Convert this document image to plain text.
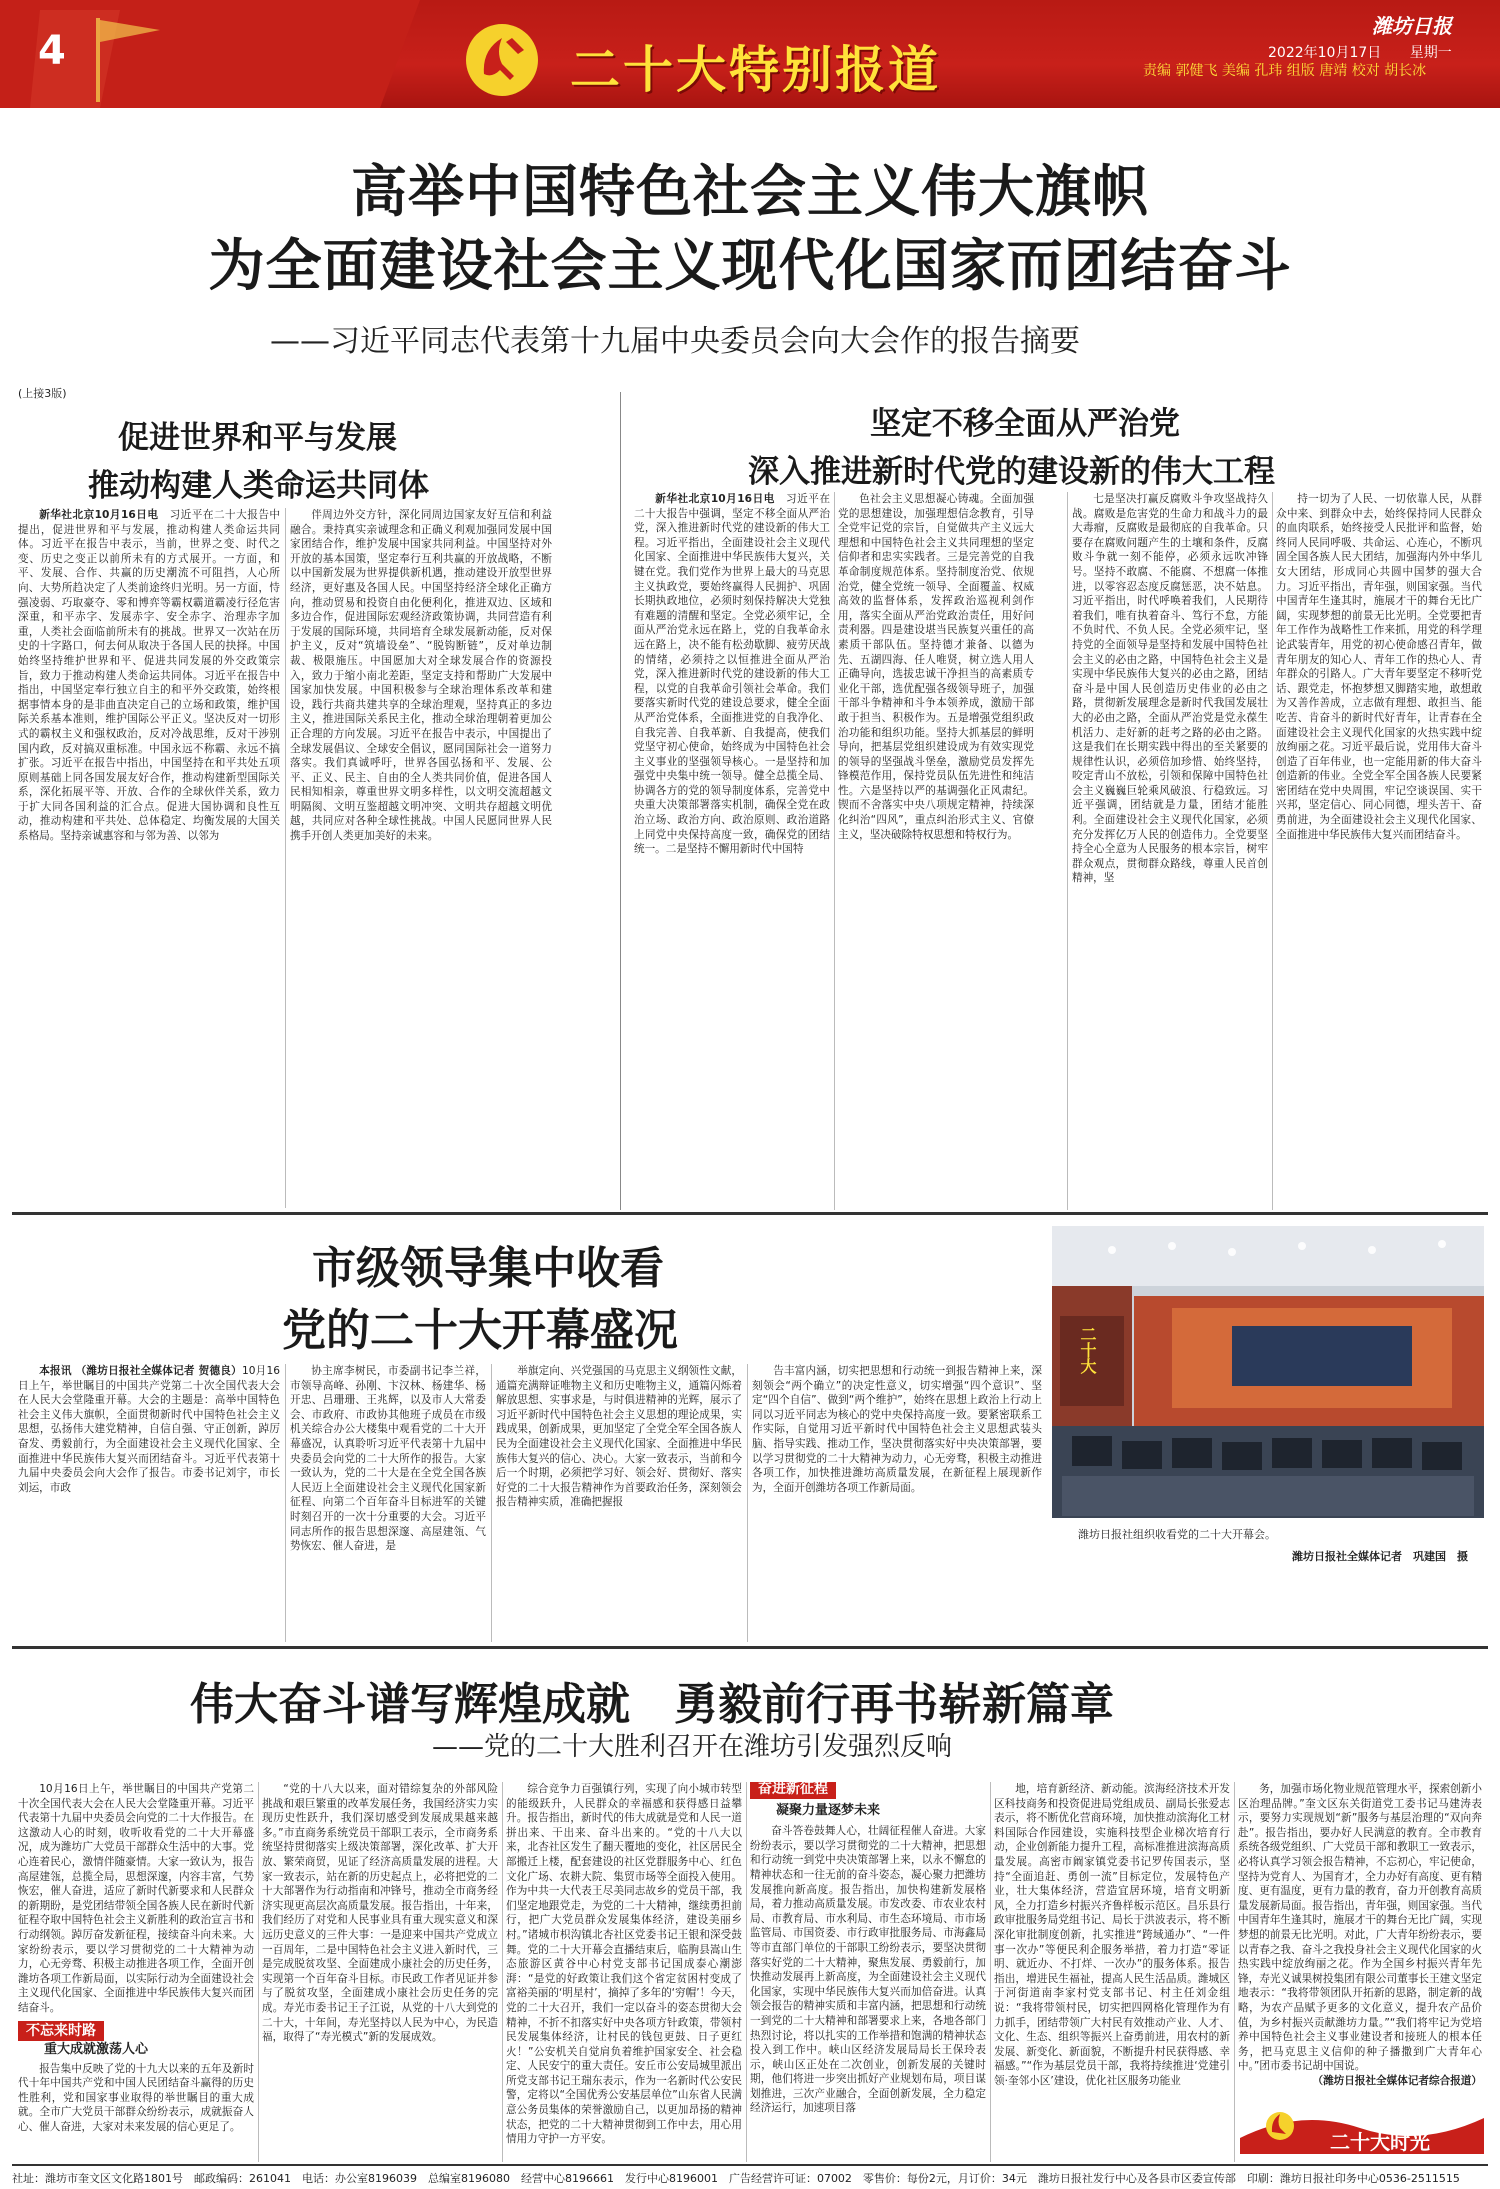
4	二十大特别报道
潍坊日报
2022年10月17日 星期一
责编 郭健飞 美编 孔玮 组版 唐靖 校对 胡长冰
高举中国特色社会主义伟大旗帜
为全面建设社会主义现代化国家而团结奋斗
——习近平同志代表第十九届中央委员会向大会作的报告摘要
(上接3版)
促进世界和平与发展
推动构建人类命运共同体

新华社北京10月16日电　 习近平在二十大报告中提出，促进世界和平与发展，推动构建人类命运共同体。习近平在报告中表示，当前，世界之变、时代之变、历史之变正以前所未有的方式展开。一方面，和平、发展、合作、共赢的历史潮流不可阻挡，人心所向、大势所趋决定了人类前途终归光明。另一方面，恃强凌弱、巧取豪夺、零和博弈等霸权霸道霸凌行径危害深重，和平赤字、发展赤字、安全赤字、治理赤字加重，人类社会面临前所未有的挑战。世界又一次站在历史的十字路口，何去何从取决于各国人民的抉择。中国始终坚持维护世界和平、促进共同发展的外交政策宗旨，致力于推动构建人类命运共同体。习近平在报告中指出，中国坚定奉行独立自主的和平外交政策，始终根据事情本身的是非曲直决定自己的立场和政策，维护国际关系基本准则，维护国际公平正义。坚决反对一切形式的霸权主义和强权政治，反对冷战思维，反对干涉别国内政，反对搞双重标准。中国永远不称霸、永远不搞扩张。习近平在报告中指出，中国坚持在和平共处五项原则基础上同各国发展友好合作，推动构建新型国际关系，深化拓展平等、开放、合作的全球伙伴关系，致力于扩大同各国利益的汇合点。促进大国协调和良性互动，推动构建和平共处、总体稳定、均衡发展的大国关系格局。坚持亲诚惠容和与邻为善、以邻为

伴周边外交方针，深化同周边国家友好互信和利益融合。秉持真实亲诚理念和正确义利观加强同发展中国家团结合作，维护发展中国家共同利益。中国坚持对外开放的基本国策，坚定奉行互利共赢的开放战略，不断以中国新发展为世界提供新机遇，推动建设开放型世界经济，更好惠及各国人民。中国坚持经济全球化正确方向，推动贸易和投资自由化便利化，推进双边、区域和多边合作，促进国际宏观经济政策协调，共同营造有利于发展的国际环境，共同培育全球发展新动能，反对保护主义，反对“筑墙设垒”、“脱钩断链”，反对单边制裁、极限施压。中国愿加大对全球发展合作的资源投入，致力于缩小南北差距，坚定支持和帮助广大发展中国家加快发展。中国积极参与全球治理体系改革和建设，践行共商共建共享的全球治理观，坚持真正的多边主义，推进国际关系民主化，推动全球治理朝着更加公正合理的方向发展。习近平在报告中表示，中国提出了全球发展倡议、全球安全倡议，愿同国际社会一道努力落实。我们真诚呼吁，世界各国弘扬和平、发展、公平、正义、民主、自由的全人类共同价值，促进各国人民相知相亲，尊重世界文明多样性，以文明交流超越文明隔阂、文明互鉴超越文明冲突、文明共存超越文明优越，共同应对各种全球性挑战。中国人民愿同世界人民携手开创人类更加美好的未来。

坚定不移全面从严治党
深入推进新时代党的建设新的伟大工程

新华社北京10月16日电　 习近平在二十大报告中强调，坚定不移全面从严治党，深入推进新时代党的建设新的伟大工程。习近平指出，全面建设社会主义现代化国家、全面推进中华民族伟大复兴，关键在党。我们党作为世界上最大的马克思主义执政党，要始终赢得人民拥护、巩固长期执政地位，必须时刻保持解决大党独有难题的清醒和坚定。全党必须牢记，全面从严治党永远在路上，党的自我革命永远在路上，决不能有松劲歇脚、疲劳厌战的情绪，必须持之以恒推进全面从严治党，深入推进新时代党的建设新的伟大工程，以党的自我革命引领社会革命。我们要落实新时代党的建设总要求，健全全面从严治党体系，全面推进党的自我净化、自我完善、自我革新、自我提高，使我们党坚守初心使命，始终成为中国特色社会主义事业的坚强领导核心。一是坚持和加强党中央集中统一领导。健全总揽全局、协调各方的党的领导制度体系，完善党中央重大决策部署落实机制，确保全党在政治立场、政治方向、政治原则、政治道路上同党中央保持高度一致，确保党的团结统一。二是坚持不懈用新时代中国特

色社会主义思想凝心铸魂。全面加强党的思想建设，加强理想信念教育，引导全党牢记党的宗旨，自觉做共产主义远大理想和中国特色社会主义共同理想的坚定信仰者和忠实实践者。三是完善党的自我革命制度规范体系。坚持制度治党、依规治党，健全党统一领导、全面覆盖、权威高效的监督体系，发挥政治巡视利剑作用，落实全面从严治党政治责任，用好问责利器。四是建设堪当民族复兴重任的高素质干部队伍。坚持德才兼备、以德为先、五湖四海、任人唯贤，树立选人用人正确导向，选拔忠诚干净担当的高素质专业化干部，选优配强各级领导班子，加强干部斗争精神和斗争本领养成，激励干部敢于担当、积极作为。五是增强党组织政治功能和组织功能。坚持大抓基层的鲜明导向，把基层党组织建设成为有效实现党的领导的坚强战斗堡垒，激励党员发挥先锋模范作用，保持党员队伍先进性和纯洁性。六是坚持以严的基调强化正风肃纪。锲而不舍落实中央八项规定精神，持续深化纠治“四风”，重点纠治形式主义、官僚主义，坚决破除特权思想和特权行为。

七是坚决打赢反腐败斗争攻坚战持久战。腐败是危害党的生命力和战斗力的最大毒瘤，反腐败是最彻底的自我革命。只要存在腐败问题产生的土壤和条件，反腐败斗争就一刻不能停，必须永远吹冲锋号。坚持不敢腐、不能腐、不想腐一体推进，以零容忍态度反腐惩恶，决不姑息。习近平指出，时代呼唤着我们，人民期待着我们，唯有执着奋斗、笃行不怠，方能不负时代、不负人民。全党必须牢记，坚持党的全面领导是坚持和发展中国特色社会主义的必由之路，中国特色社会主义是实现中华民族伟大复兴的必由之路，团结奋斗是中国人民创造历史伟业的必由之路，贯彻新发展理念是新时代我国发展壮大的必由之路，全面从严治党是党永葆生机活力、走好新的赶考之路的必由之路。这是我们在长期实践中得出的至关紧要的规律性认识，必须倍加珍惜、始终坚持，咬定青山不放松，引领和保障中国特色社会主义巍巍巨轮乘风破浪、行稳致远。习近平强调，团结就是力量，团结才能胜利。全面建设社会主义现代化国家，必须充分发挥亿万人民的创造伟力。全党要坚持全心全意为人民服务的根本宗旨，树牢群众观点，贯彻群众路线，尊重人民首创精神，坚

持一切为了人民、一切依靠人民，从群众中来、到群众中去，始终保持同人民群众的血肉联系，始终接受人民批评和监督，始终同人民同呼吸、共命运、心连心，不断巩固全国各族人民大团结，加强海内外中华儿女大团结，形成同心共圆中国梦的强大合力。习近平指出，青年强，则国家强。当代中国青年生逢其时，施展才干的舞台无比广阔，实现梦想的前景无比光明。全党要把青年工作作为战略性工作来抓，用党的科学理论武装青年，用党的初心使命感召青年，做青年朋友的知心人、青年工作的热心人、青年群众的引路人。广大青年要坚定不移听党话、跟党走，怀抱梦想又脚踏实地，敢想敢为又善作善成，立志做有理想、敢担当、能吃苦、肯奋斗的新时代好青年，让青春在全面建设社会主义现代化国家的火热实践中绽放绚丽之花。习近平最后说，党用伟大奋斗创造了百年伟业，也一定能用新的伟大奋斗创造新的伟业。全党全军全国各族人民要紧密团结在党中央周围，牢记空谈误国、实干兴邦，坚定信心、同心同德，埋头苦干、奋勇前进，为全面建设社会主义现代化国家、全面推进中华民族伟大复兴而团结奋斗。

市级领导集中收看
党的二十大开幕盛况

本报讯 （潍坊日报社全媒体记者 贺德良）10月16日上午，举世瞩目的中国共产党第二十次全国代表大会在人民大会堂隆重开幕。大会的主题是：高举中国特色社会主义伟大旗帜，全面贯彻新时代中国特色社会主义思想，弘扬伟大建党精神，自信自强、守正创新，踔厉奋发、勇毅前行，为全面建设社会主义现代化国家、全面推进中华民族伟大复兴而团结奋斗。习近平代表第十九届中央委员会向大会作了报告。市委书记刘宇，市长刘运，市政

协主席李树民，市委副书记李兰祥，市领导高峰、孙刚、卞汉林、杨建华、杨开忠、吕珊珊、王兆辉，以及市人大常委会、市政府、市政协其他班子成员在市级机关综合办公大楼集中观看党的二十大开幕盛况，认真聆听习近平代表第十九届中央委员会向党的二十大所作的报告。大家一致认为，党的二十大是在全党全国各族人民迈上全面建设社会主义现代化国家新征程、向第二个百年奋斗目标进军的关键时刻召开的一次十分重要的大会。习近平同志所作的报告思想深邃、高屋建瓴、气势恢宏、催人奋进，是

举旗定向、兴党强国的马克思主义纲领性文献，通篇充满辩证唯物主义和历史唯物主义，通篇闪烁着解放思想、实事求是，与时俱进精神的光辉，展示了习近平新时代中国特色社会主义思想的理论成果，实践成果，创新成果，更加坚定了全党全军全国各族人民为全面建设社会主义现代化国家、全面推进中华民族伟大复兴的信心、决心。大家一致表示，当前和今后一个时期，必须把学习好、领会好、贯彻好、落实好党的二十大报告精神作为首要政治任务，深刻领会报告精神实质，准确把握报

告丰富内涵，切实把思想和行动统一到报告精神上来，深刻领会“两个确立”的决定性意义，切实增强“四个意识”、坚定“四个自信”、做到“两个维护”，始终在思想上政治上行动上同以习近平同志为核心的党中央保持高度一致。要紧密联系工作实际，自觉用习近平新时代中国特色社会主义思想武装头脑、指导实践、推动工作，坚决贯彻落实好中央决策部署，要以学习贯彻党的二十大精神为动力，心无旁骛，积极主动推进各项工作，加快推进潍坊高质量发展，在新征程上展现新作为，全面开创潍坊各项工作新局面。

二十大
潍坊日报社组织收看党的二十大开幕会。
潍坊日报社全媒体记者　巩建国　摄
伟大奋斗谱写辉煌成就　勇毅前行再书崭新篇章
——党的二十大胜利召开在潍坊引发强烈反响

10月16日上午，举世瞩目的中国共产党第二十次全国代表大会在人民大会堂隆重开幕。习近平代表第十九届中央委员会向党的二十大作报告。在这激动人心的时刻，收听收看党的二十大开幕盛况，成为潍坊广大党员干部群众生活中的大事。党心连着民心，激情伴随豪情。大家一致认为，报告高屋建瓴，总揽全局，思想深邃，内容丰富，气势恢宏，催人奋进，适应了新时代新要求和人民群众的新期盼，是党团结带领全国各族人民在新时代新征程夺取中国特色社会主义新胜利的政治宣言书和行动纲领。踔厉奋发新征程，接续奋斗向未来。大家纷纷表示，要以学习贯彻党的二十大精神为动力，心无旁骛、积极主动推进各项工作，全面开创潍坊各项工作新局面，以实际行动为全面建设社会主义现代化国家、全面推进中华民族伟大复兴而团结奋斗。

不忘来时路
重大成就激荡人心

报告集中反映了党的十九大以来的五年及新时代十年中国共产党和中国人民团结奋斗赢得的历史性胜利，党和国家事业取得的举世瞩目的重大成就。全市广大党员干部群众纷纷表示，成就振奋人心、催人奋进，大家对未来发展的信心更足了。

“党的十八大以来，面对错综复杂的外部风险挑战和艰巨繁重的改革发展任务，我国经济实力实现历史性跃升，我们深切感受到发展成果越来越多。”市直商务系统党员干部职工表示，全市商务系统坚持贯彻落实上级决策部署，深化改革、扩大开放、繁荣商贸，见证了经济高质量发展的进程。大家一致表示，站在新的历史起点上，必将把党的二十大部署作为行动指南和冲锋号，推动全市商务经济实现更高层次高质量发展。报告指出，十年来，我们经历了对党和人民事业具有重大现实意义和深远历史意义的三件大事：一是迎来中国共产党成立一百周年，二是中国特色社会主义进入新时代，三是完成脱贫攻坚、全面建成小康社会的历史任务，实现第一个百年奋斗目标。市民政工作者见证并参与了脱贫攻坚，全面建成小康社会历史任务的完成。寿光市委书记王子江说，从党的十八大到党的二十大，十年间，寿光坚持以人民为中心，为民造福，取得了“寿光模式”新的发展成效。

综合竞争力百强镇行列，实现了向小城市转型的能级跃升，人民群众的幸福感和获得感日益攀升。报告指出，新时代的伟大成就是党和人民一道拼出来、干出来、奋斗出来的。“党的十八大以来，北杏社区发生了翻天覆地的变化，社区居民全部搬迁上楼，配套建设的社区党群服务中心、红色文化广场、农耕大院、集贸市场等全面投入使用。作为中共一大代表王尽美同志故乡的党员干部，我们坚定地跟党走，为党的二十大精神，继续勇担前行，把广大党员群众发展集体经济，建设美丽乡村。”诸城市枳沟镇北杏社区党委书记王银和深受鼓舞。党的二十大开幕会直播结束后，临朐县嵩山生态旅游区黄谷中心村党支部书记国成泰心潮澎湃：“是党的好政策让我们这个省定贫困村变成了富裕美丽的‘明星村’，摘掉了多年的‘穷帽’！今天，党的二十大召开，我们一定以奋斗的姿态贯彻大会精神，不折不扣落实好中央各项方针政策，带领村民发展集体经济，让村民的钱包更鼓、日子更红火！”公安机关自觉肩负着维护国家安全、社会稳定、人民安宁的重大责任。安丘市公安局城里派出所党支部书记王瑞东表示，作为一名新时代公安民警，定将以“全国优秀公安基层单位”山东省人民满意公务员集体的荣誉激励自己，以更加昂扬的精神状态，把党的二十大精神贯彻到工作中去，用心用情用力守护一方平安。

奋进新征程
凝聚力量逐梦未来

奋斗答卷鼓舞人心，壮阔征程催人奋进。大家纷纷表示，要以学习贯彻党的二十大精神，把思想和行动统一到党中央决策部署上来，以永不懈怠的精神状态和一往无前的奋斗姿态，凝心聚力把潍坊发展推向新高度。报告指出，加快构建新发展格局，着力推动高质量发展。市发改委、市农业农村局、市教育局、市水利局、市生态环境局、市市场监管局、市国资委、市行政审批服务局、市海鑫局等市直部门单位的干部职工纷纷表示，要坚决贯彻落实好党的二十大精神，聚焦发展、勇毅前行，加快推动发展再上新高度，为全面建设社会主义现代化国家，实现中华民族伟大复兴而加倍奋进。认真领会报告的精神实质和丰富内涵，把思想和行动统一到党的二十大精神和部署要求上来，各地各部门热烈讨论，将以扎实的工作举措和饱满的精神状态投入到工作中。峡山区经济发展局局长王保玲表示，峡山区正处在二次创业，创新发展的关键时期，他们将进一步突出抓好产业规划布局，项目谋划推进，三次产业融合，全面创新发展，全力稳定经济运行，加速项目落

地，培育新经济、新动能。滨海经济技术开发区科技商务和投资促进局党组成员、副局长张爱志表示，将不断优化营商环境，加快推动滨海化工材料国际合作园建设，实施科技型企业梯次培育行动，企业创新能力提升工程，高标准推进滨海高质量发展。高密市阚家镇党委书记罗传国表示，坚持“全面追赶、勇创一流”目标定位，发展特色产业，壮大集体经济，营造宜居环境，培育文明新风，全力打造乡村振兴齐鲁样板示范区。昌乐县行政审批服务局党组书记、局长于洪波表示，将不断深化审批制度创新，扎实推进“跨域通办”、“一件事一次办”等便民利企服务举措，着力打造“零证明、就近办、不打烊、一次办”的服务体系。报告指出，增进民生福祉，提高人民生活品质。潍城区于河街道南李家村党支部书记、村主任刘金组说：“我将带领村民，切实把四网格化管理作为有力抓手，团结带领广大村民有效推动产业、人才、文化、生态、组织等振兴上奋勇前进，用农村的新发展、新变化、新面貌，不断提升村民获得感、幸福感。”“作为基层党员干部，我将持续推进‘党建引领·奎邻小区’建设，优化社区服务功能业

务，加强市场化物业规范管理水平，探索创新小区治理品牌。”奎文区东关街道党工委书记马建涛表示，要努力实现规划“新”服务与基层治理的“双向奔赴”。报告指出，要办好人民满意的教育。全市教育系统各级党组织、广大党员干部和教职工一致表示，必将认真学习领会报告精神，不忘初心，牢记使命，坚持为党育人、为国育才，全力办好有高度、更有精度、更有温度，更有力量的教育，奋力开创教育高质量发展新局面。报告指出，青年强，则国家强。当代中国青年生逢其时，施展才干的舞台无比广阔，实现梦想的前景无比光明。对此，广大青年纷纷表示，要以青春之我、奋斗之我投身社会主义现代化国家的火热实践中绽放绚丽之花。作为全国乡村振兴青年先锋，寿光义诚果树投集团有限公司董事长王建文坚定地表示：“我将带领团队开拓新的思路，制定新的战略，为农产品赋予更多的文化意义，提升农产品价值，为乡村振兴贡献潍坊力量。”“我们将牢记为党培养中国特色社会主义事业建设者和接班人的根本任务，把马克思主义信仰的种子播撒到广大青年心中。”团市委书记胡中国说。

（潍坊日报社全媒体记者综合报道）
二十大时光
社址：潍坊市奎文区文化路1801号　邮政编码：261041　电话：办公室8196039　总编室8196080　经营中心8196661　发行中心8196001　广告经营许可证：07002　零售价：每份2元，月订价：34元　潍坊日报社发行中心及各县市区委宣传部　印刷：潍坊日报社印务中心0536-2511515
